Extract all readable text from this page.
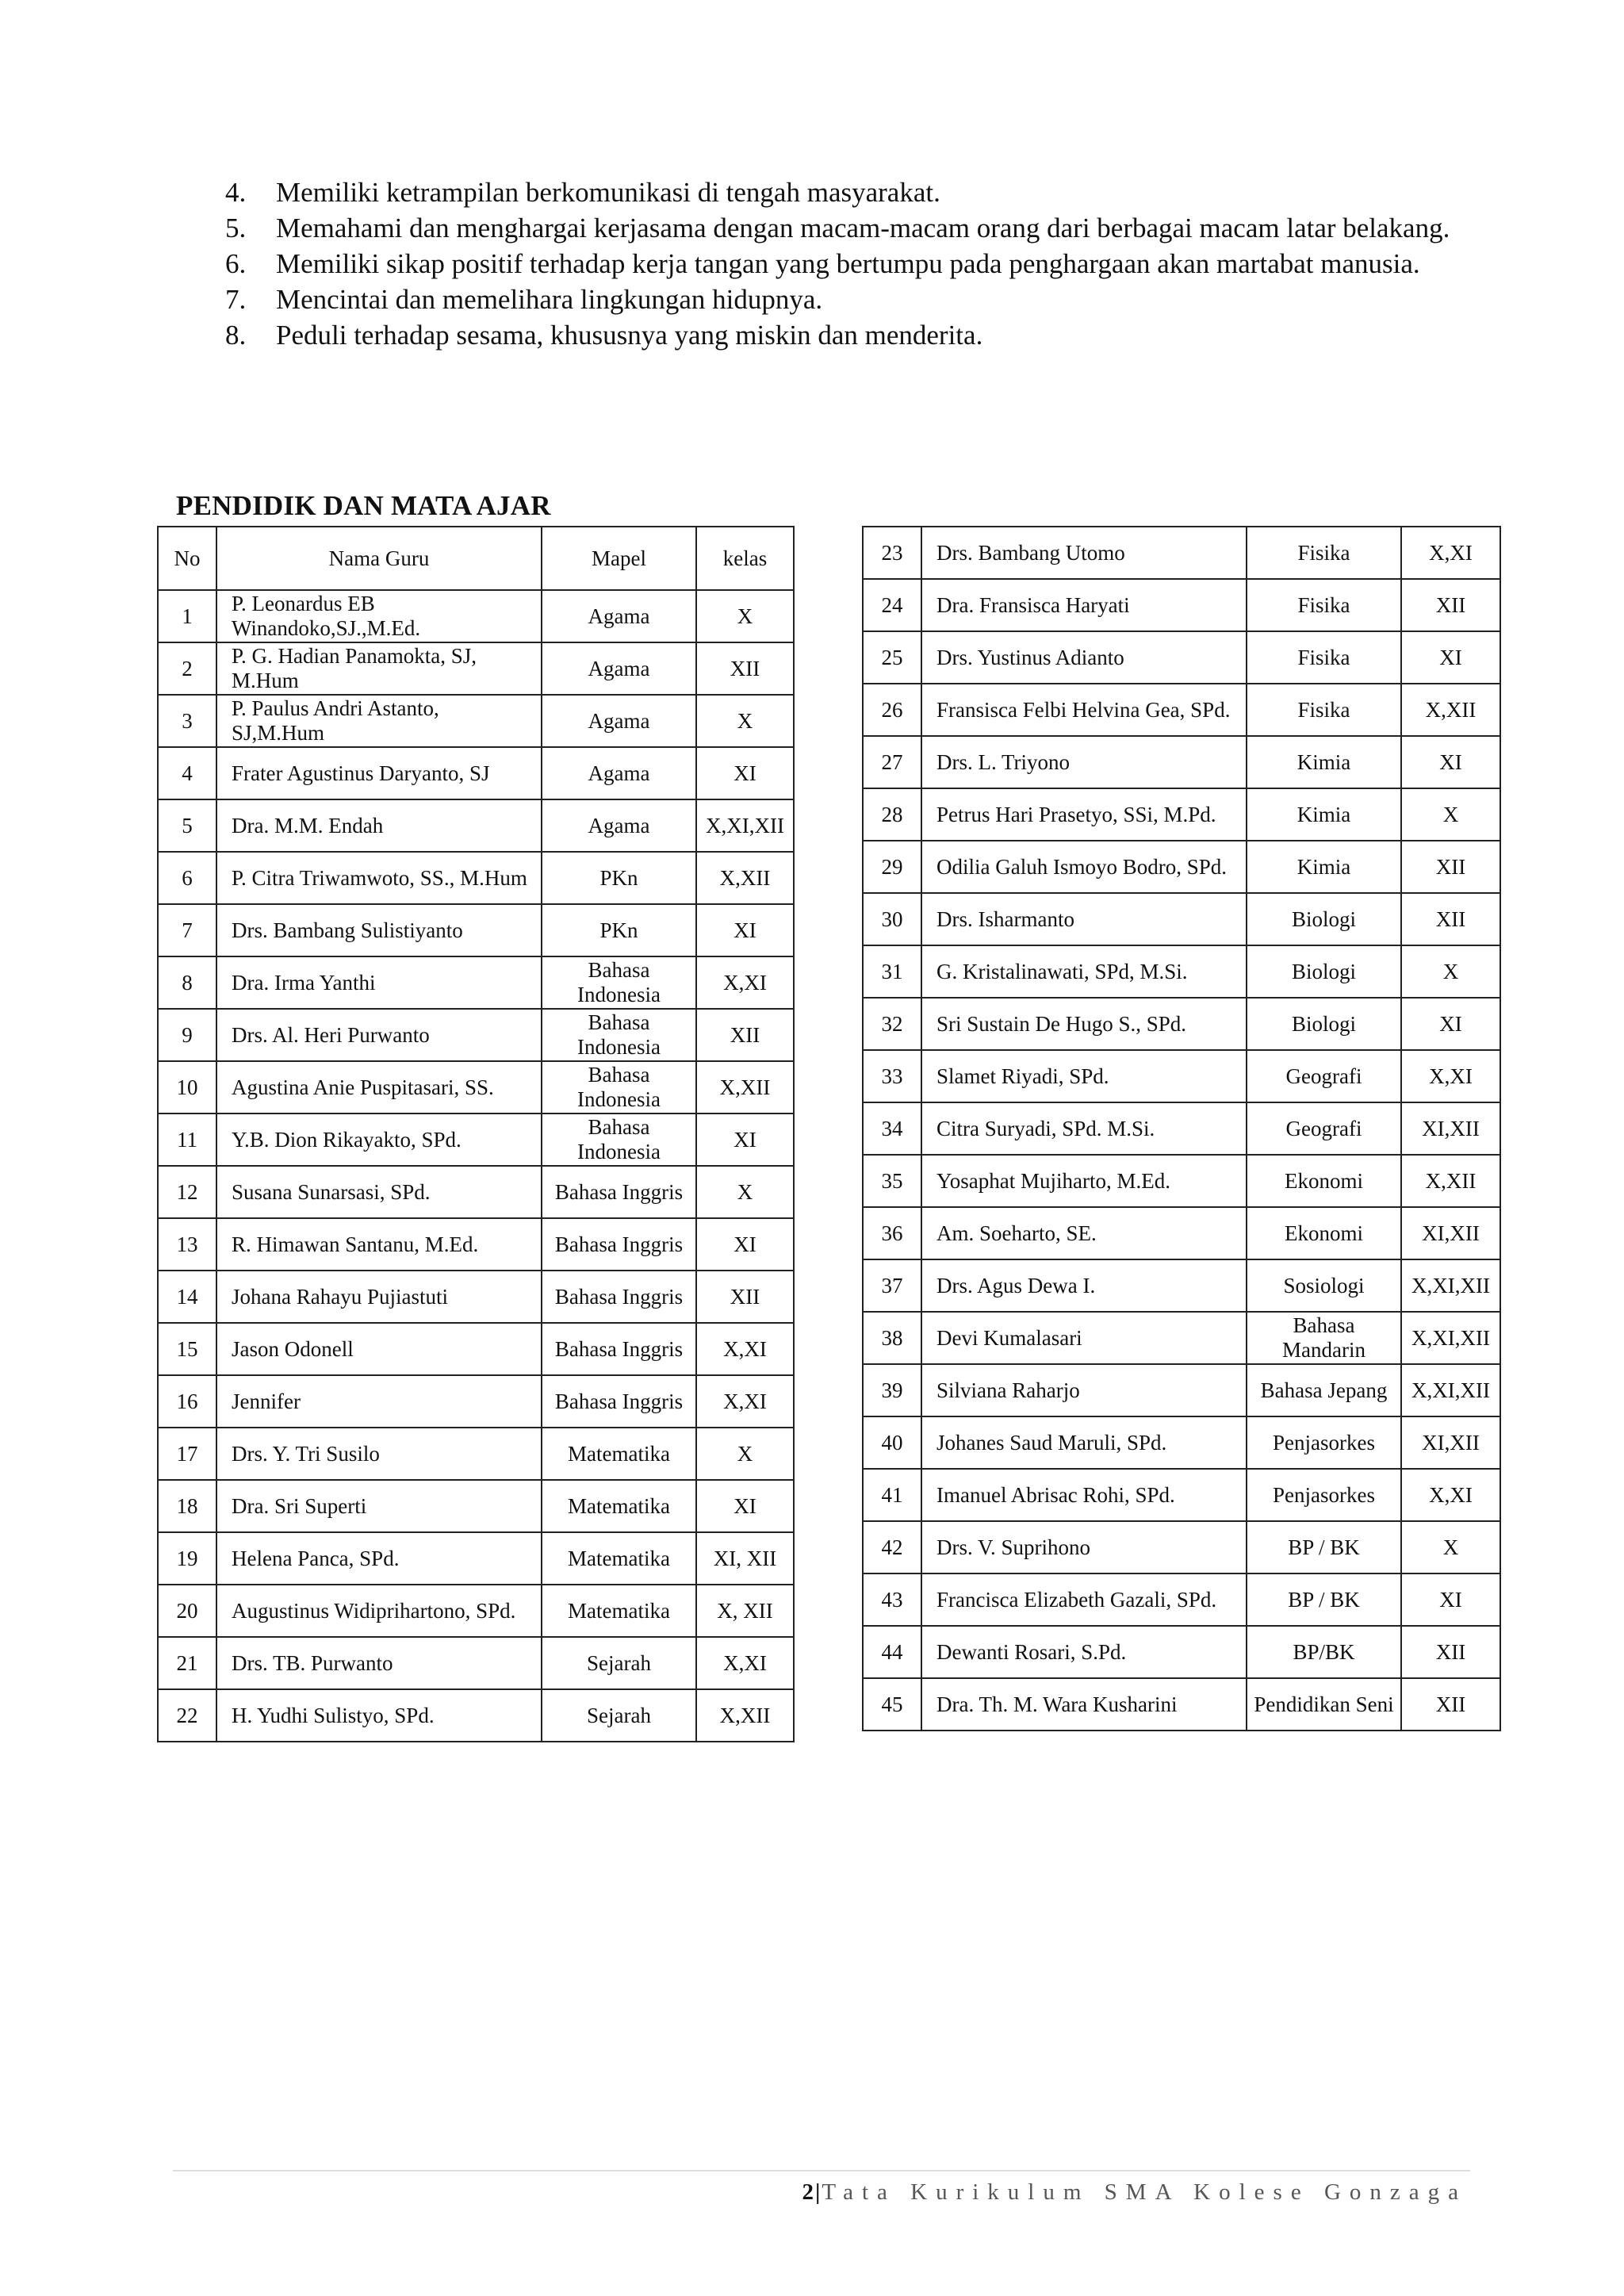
4. Memiliki ketrampilan berkomunikasi di tengah masyarakat.
5. Memahami dan menghargai kerjasama dengan macam-macam orang dari berbagai macam latar belakang.
6. Memiliki sikap positif terhadap kerja tangan yang bertumpu pada penghargaan akan martabat manusia.
7. Mencintai dan memelihara lingkungan hidupnya.
8. Peduli terhadap sesama, khususnya yang miskin dan menderita.
PENDIDIK DAN MATA AJAR
No	Nama Guru	Mapel	kelas
1	P. Leonardus EB Winandoko,SJ.,M.Ed.	Agama	X
2	P. G. Hadian Panamokta, SJ, M.Hum	Agama	XII
3	P. Paulus Andri Astanto, SJ,M.Hum	Agama	X
4	Frater Agustinus Daryanto, SJ	Agama	XI
5	Dra. M.M. Endah	Agama	X,XI,XII
6	P. Citra Triwamwoto, SS., M.Hum	PKn	X,XII
7	Drs. Bambang Sulistiyanto	PKn	XI
8	Dra. Irma Yanthi	Bahasa Indonesia	X,XI
9	Drs. Al. Heri Purwanto	Bahasa Indonesia	XII
10	Agustina Anie Puspitasari, SS.	Bahasa Indonesia	X,XII
11	Y.B. Dion Rikayakto, SPd.	Bahasa Indonesia	XI
12	Susana Sunarsasi, SPd.	Bahasa Inggris	X
13	R. Himawan Santanu, M.Ed.	Bahasa Inggris	XI
14	Johana Rahayu Pujiastuti	Bahasa Inggris	XII
15	Jason Odonell	Bahasa Inggris	X,XI
16	Jennifer	Bahasa Inggris	X,XI
17	Drs. Y. Tri Susilo	Matematika	X
18	Dra. Sri Superti	Matematika	XI
19	Helena Panca, SPd.	Matematika	XI, XII
20	Augustinus Widiprihartono, SPd.	Matematika	X, XII
21	Drs. TB. Purwanto	Sejarah	X,XI
22	H. Yudhi Sulistyo, SPd.	Sejarah	X,XII
23	Drs. Bambang Utomo	Fisika	X,XI
24	Dra. Fransisca Haryati	Fisika	XII
25	Drs. Yustinus Adianto	Fisika	XI
26	Fransisca Felbi Helvina Gea, SPd.	Fisika	X,XII
27	Drs. L. Triyono	Kimia	XI
28	Petrus Hari Prasetyo, SSi, M.Pd.	Kimia	X
29	Odilia Galuh Ismoyo Bodro, SPd.	Kimia	XII
30	Drs. Isharmanto	Biologi	XII
31	G. Kristalinawati, SPd, M.Si.	Biologi	X
32	Sri Sustain De Hugo S., SPd.	Biologi	XI
33	Slamet Riyadi, SPd.	Geografi	X,XI
34	Citra Suryadi, SPd. M.Si.	Geografi	XI,XII
35	Yosaphat Mujiharto, M.Ed.	Ekonomi	X,XII
36	Am. Soeharto, SE.	Ekonomi	XI,XII
37	Drs. Agus Dewa I.	Sosiologi	X,XI,XII
38	Devi Kumalasari	Bahasa Mandarin	X,XI,XII
39	Silviana Raharjo	Bahasa Jepang	X,XI,XII
40	Johanes Saud Maruli, SPd.	Penjasorkes	XI,XII
41	Imanuel Abrisac Rohi, SPd.	Penjasorkes	X,XI
42	Drs. V. Suprihono	BP / BK	X
43	Francisca Elizabeth Gazali, SPd.	BP / BK	XI
44	Dewanti Rosari, S.Pd.	BP/BK	XII
45	Dra. Th. M. Wara Kusharini	Pendidikan Seni	XII
2|Tata Kurikulum SMA Kolese Gonzaga
